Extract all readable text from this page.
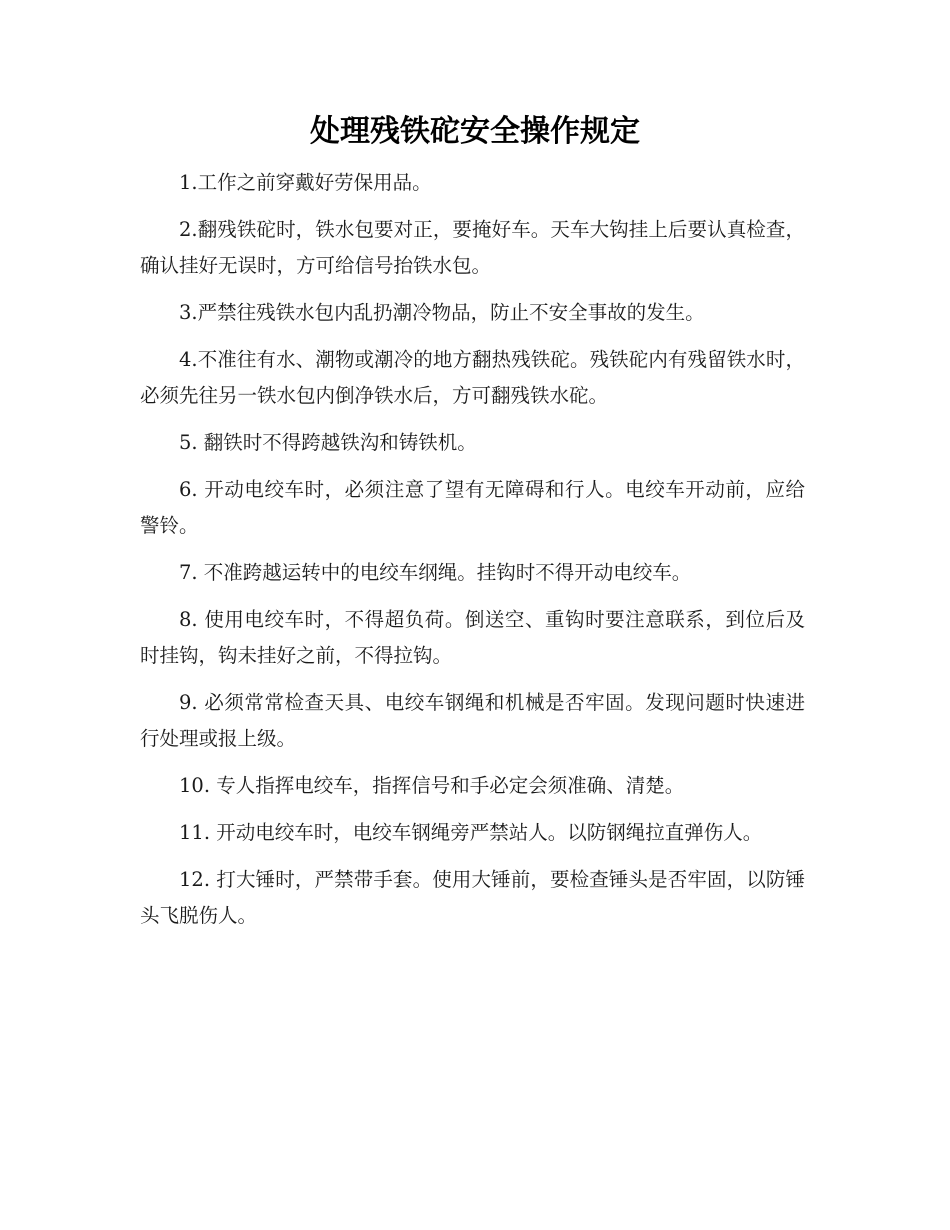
处理残铁砣安全操作规定

1.工作之前穿戴好劳保用品。

2.翻残铁砣时，铁水包要对正，要掩好车。天车大钩挂上后要认真检查，确认挂好无误时，方可给信号抬铁水包。

3.严禁往残铁水包内乱扔潮冷物品，防止不安全事故的发生。

4.不准往有水、潮物或潮冷的地方翻热残铁砣。残铁砣内有残留铁水时，必须先往另一铁水包内倒净铁水后，方可翻残铁水砣。

5. 翻铁时不得跨越铁沟和铸铁机。

6. 开动电绞车时，必须注意了望有无障碍和行人。电绞车开动前，应给警铃。

7. 不准跨越运转中的电绞车纲绳。挂钩时不得开动电绞车。

8. 使用电绞车时，不得超负荷。倒送空、重钩时要注意联系，到位后及时挂钩，钩未挂好之前，不得拉钩。

9. 必须常常检查天具、电绞车钢绳和机械是否牢固。发现问题时快速进行处理或报上级。

10. 专人指挥电绞车，指挥信号和手必定会须准确、清楚。

11. 开动电绞车时，电绞车钢绳旁严禁站人。以防钢绳拉直弹伤人。

12. 打大锤时，严禁带手套。使用大锤前，要检查锤头是否牢固，以防锤头飞脱伤人。
